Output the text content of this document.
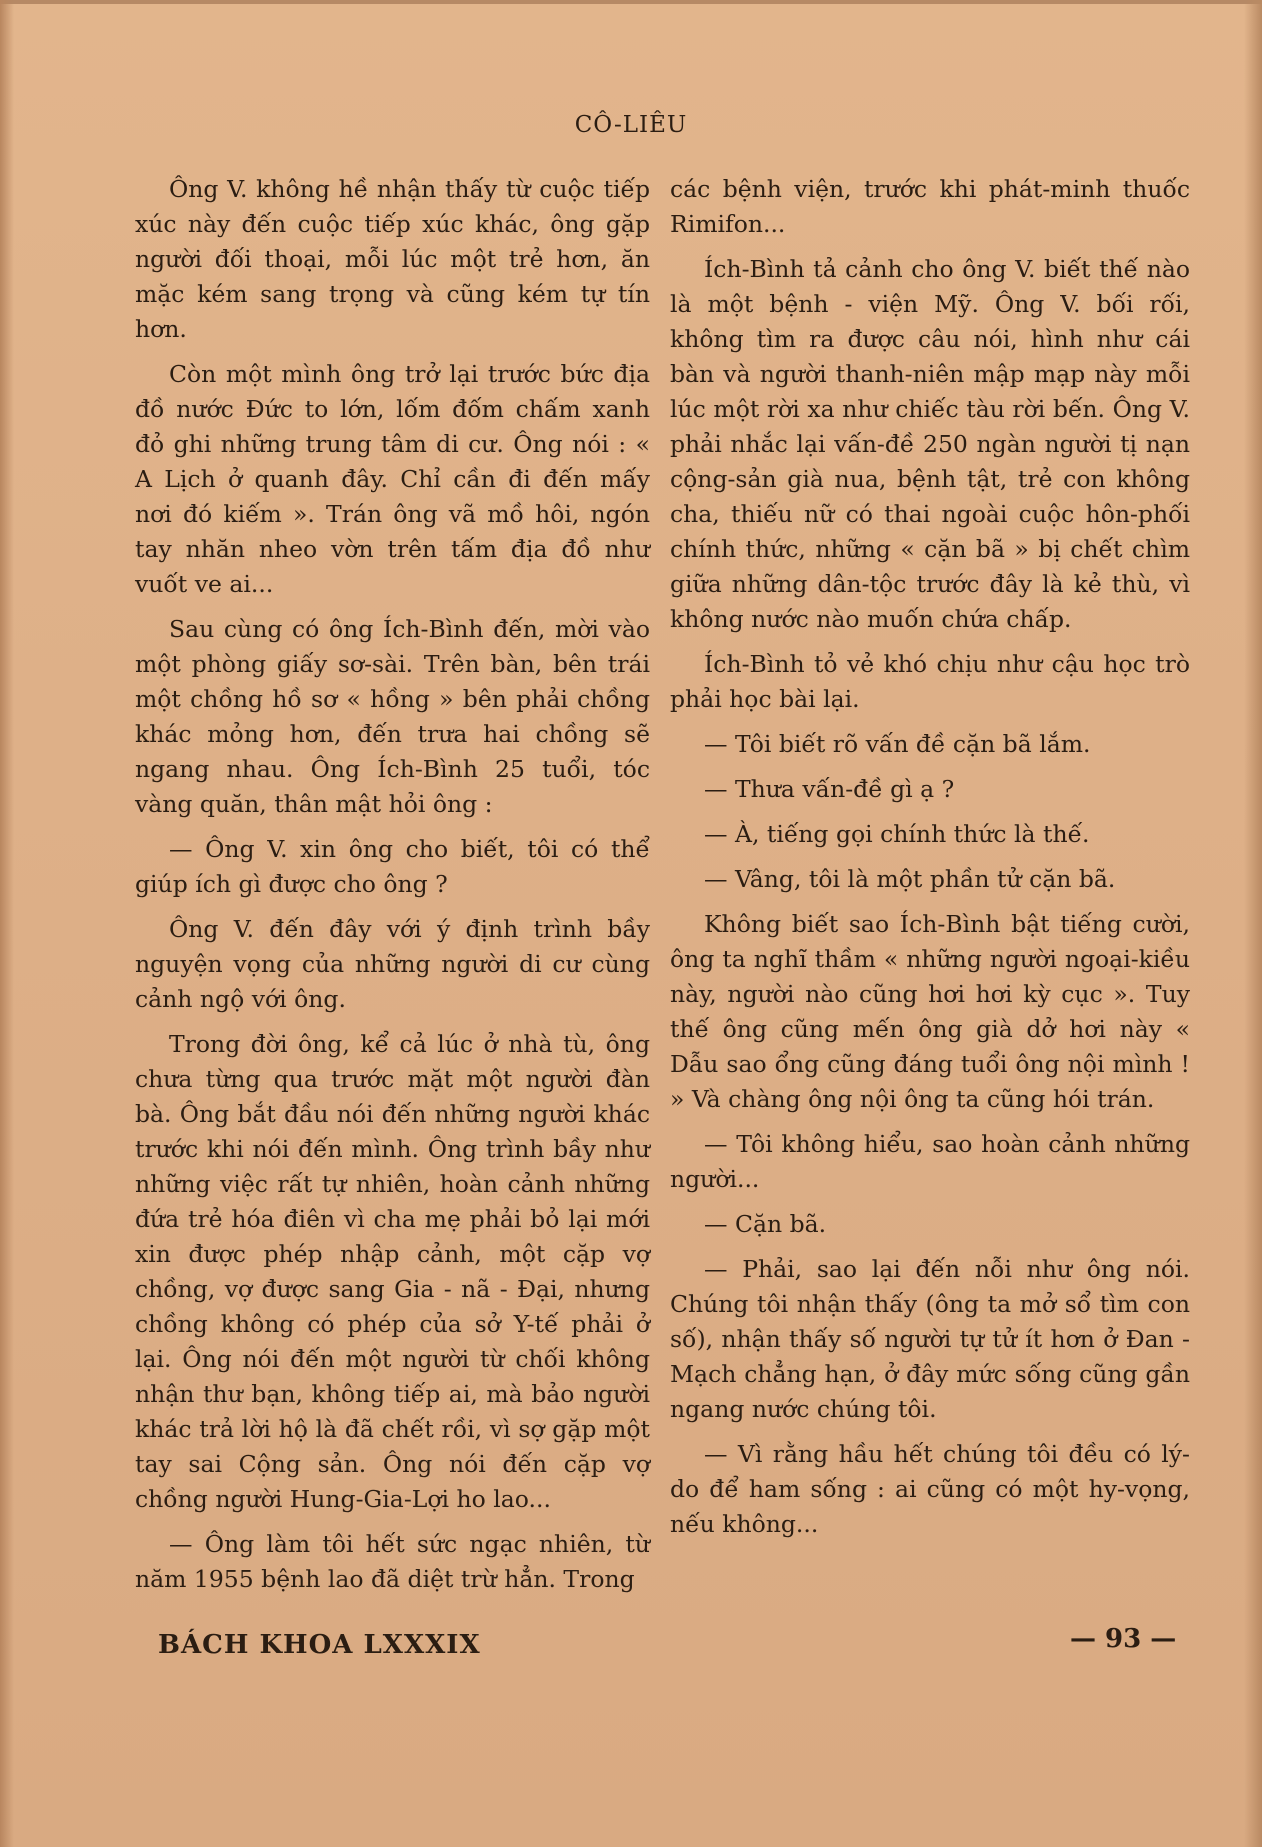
CÔ-LIÊU

Ông V. không hề nhận thấy từ cuộc tiếp xúc này đến cuộc tiếp xúc khác, ông gặp người đối thoại, mỗi lúc một trẻ hơn, ăn mặc kém sang trọng và cũng kém tự tín hơn.

Còn một mình ông trở lại trước bức địa đồ nước Đức to lớn, lốm đốm chấm xanh đỏ ghi những trung tâm di cư. Ông nói : « A Lịch ở quanh đây. Chỉ cần đi đến mấy nơi đó kiếm ». Trán ông vã mồ hôi, ngón tay nhăn nheo vờn trên tấm địa đồ như vuốt ve ai...

Sau cùng có ông Ích-Bình đến, mời vào một phòng giấy sơ-sài. Trên bàn, bên trái một chồng hồ sơ « hồng » bên phải chồng khác mỏng hơn, đến trưa hai chồng sẽ ngang nhau. Ông Ích-Bình 25 tuổi, tóc vàng quăn, thân mật hỏi ông :

— Ông V. xin ông cho biết, tôi có thể giúp ích gì được cho ông ?

Ông V. đến đây với ý định trình bầy nguyện vọng của những người di cư cùng cảnh ngộ với ông.

Trong đời ông, kể cả lúc ở nhà tù, ông chưa từng qua trước mặt một người đàn bà. Ông bắt đầu nói đến những người khác trước khi nói đến mình. Ông trình bầy như những việc rất tự nhiên, hoàn cảnh những đứa trẻ hóa điên vì cha mẹ phải bỏ lại mới xin được phép nhập cảnh, một cặp vợ chồng, vợ được sang Gia - nã - Đại, nhưng chồng không có phép của sở Y-tế phải ở lại. Ông nói đến một người từ chối không nhận thư bạn, không tiếp ai, mà bảo người khác trả lời hộ là đã chết rồi, vì sợ gặp một tay sai Cộng sản. Ông nói đến cặp vợ chồng người Hung-Gia-Lợi ho lao...

— Ông làm tôi hết sức ngạc nhiên, từ năm 1955 bệnh lao đã diệt trừ hẳn. Trong

các bệnh viện, trước khi phát-minh thuốc Rimifon...

Ích-Bình tả cảnh cho ông V. biết thế nào là một bệnh - viện Mỹ. Ông V. bối rối, không tìm ra được câu nói, hình như cái bàn và người thanh-niên mập mạp này mỗi lúc một rời xa như chiếc tàu rời bến. Ông V. phải nhắc lại vấn-đề 250 ngàn người tị nạn cộng-sản già nua, bệnh tật, trẻ con không cha, thiếu nữ có thai ngoài cuộc hôn-phối chính thức, những « cặn bã » bị chết chìm giữa những dân-tộc trước đây là kẻ thù, vì không nước nào muốn chứa chấp.

Ích-Bình tỏ vẻ khó chịu như cậu học trò phải học bài lại.

— Tôi biết rõ vấn đề cặn bã lắm.

— Thưa vấn-đề gì ạ ?

— À, tiếng gọi chính thức là thế.

— Vâng, tôi là một phần tử cặn bã.

Không biết sao Ích-Bình bật tiếng cười, ông ta nghĩ thầm « những người ngoại-kiều này, người nào cũng hơi hơi kỳ cục ». Tuy thế ông cũng mến ông già dở hơi này « Dẫu sao ổng cũng đáng tuổi ông nội mình ! » Và chàng ông nội ông ta cũng hói trán.

— Tôi không hiểu, sao hoàn cảnh những người...

— Cặn bã.

— Phải, sao lại đến nỗi như ông nói. Chúng tôi nhận thấy (ông ta mở sổ tìm con số), nhận thấy số người tự tử ít hơn ở Đan - Mạch chẳng hạn, ở đây mức sống cũng gần ngang nước chúng tôi.

— Vì rằng hầu hết chúng tôi đều có lý-do để ham sống : ai cũng có một hy-vọng, nếu không...

BÁCH KHOA LXXXIX	— 93 —
